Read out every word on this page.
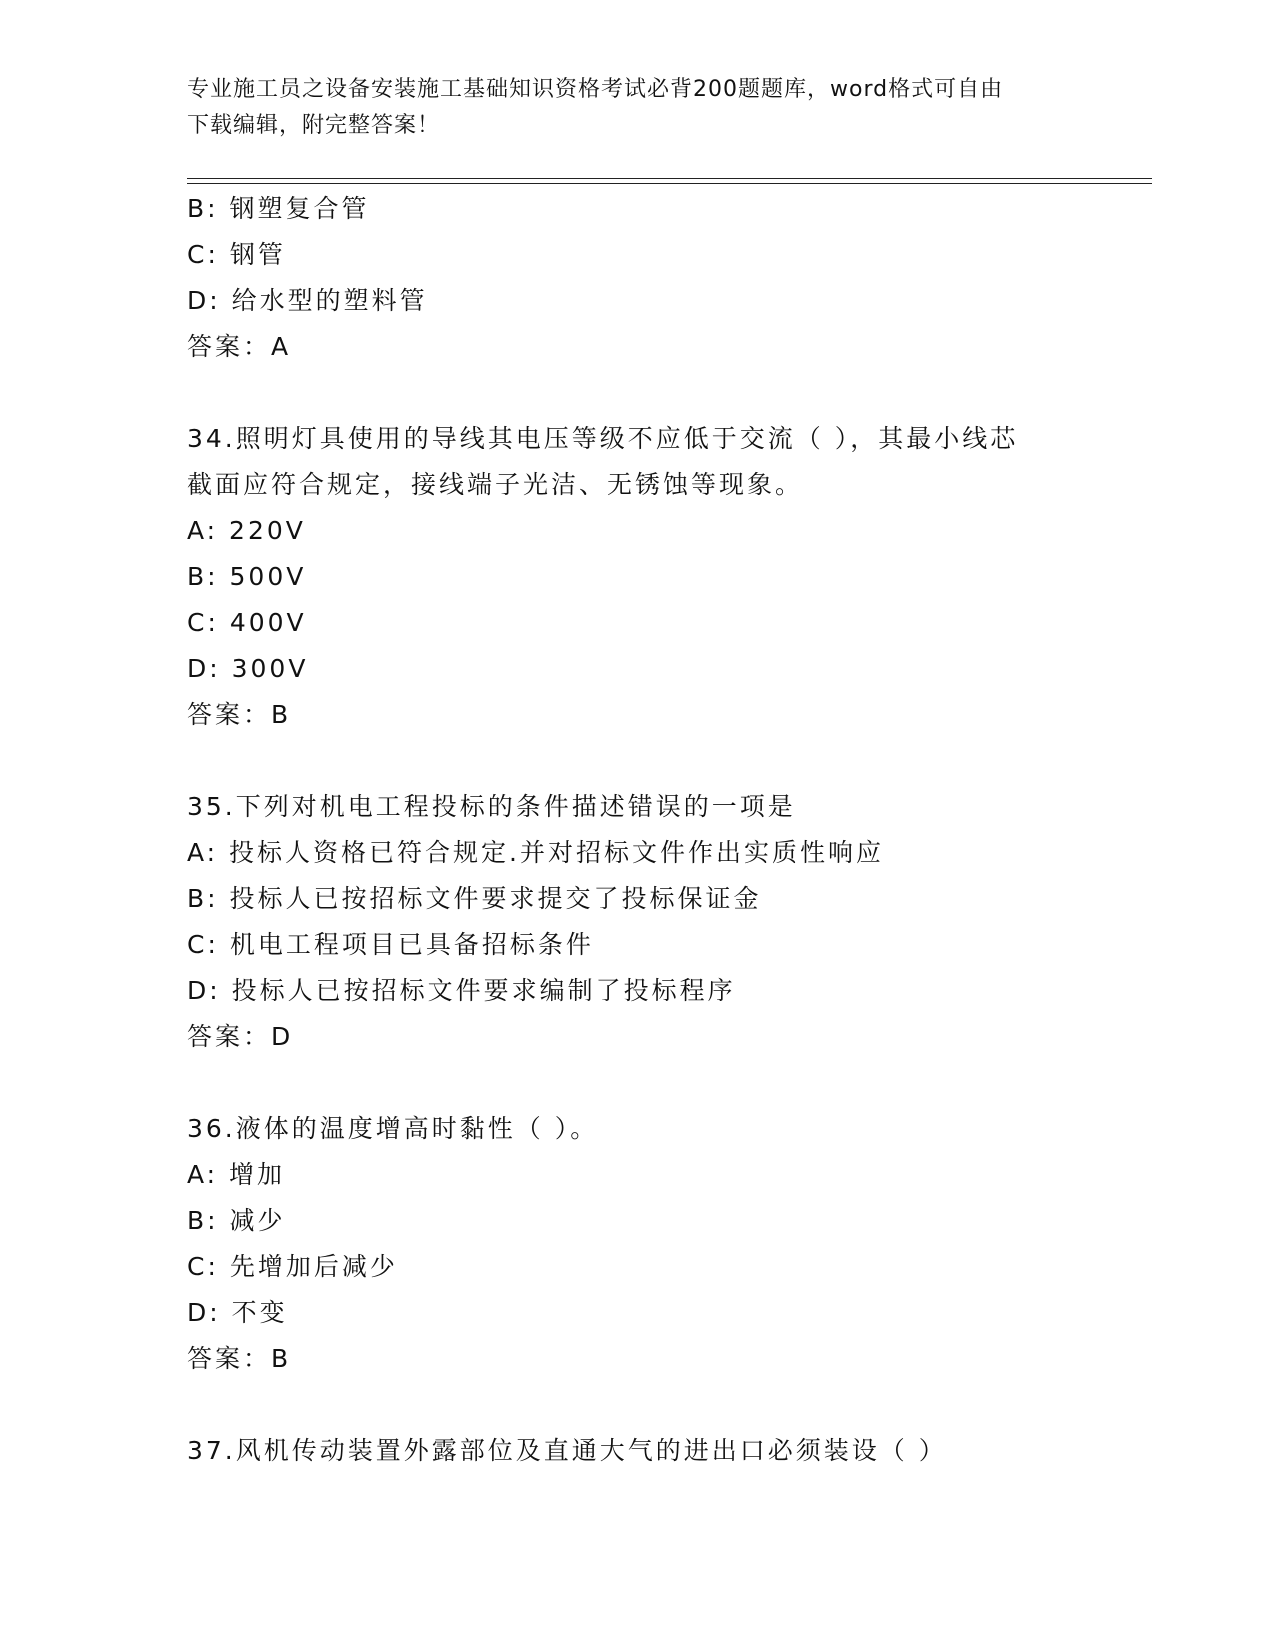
专业施工员之设备安装施工基础知识资格考试必背200题题库，word格式可自由
下载编辑，附完整答案！
B: 钢塑复合管
C: 钢管
D: 给水型的塑料管
答案：A
34.照明灯具使用的导线其电压等级不应低于交流（ ），其最小线芯
截面应符合规定，接线端子光洁、无锈蚀等现象。
A: 220V
B: 500V
C: 400V
D: 300V
答案：B
35.下列对机电工程投标的条件描述错误的一项是
A: 投标人资格已符合规定.并对招标文件作出实质性响应
B: 投标人已按招标文件要求提交了投标保证金
C: 机电工程项目已具备招标条件
D: 投标人已按招标文件要求编制了投标程序
答案：D
36.液体的温度增高时黏性（ ）。
A: 增加
B: 减少
C: 先增加后减少
D: 不变
答案：B
37.风机传动装置外露部位及直通大气的进出口必须装设（ ）
